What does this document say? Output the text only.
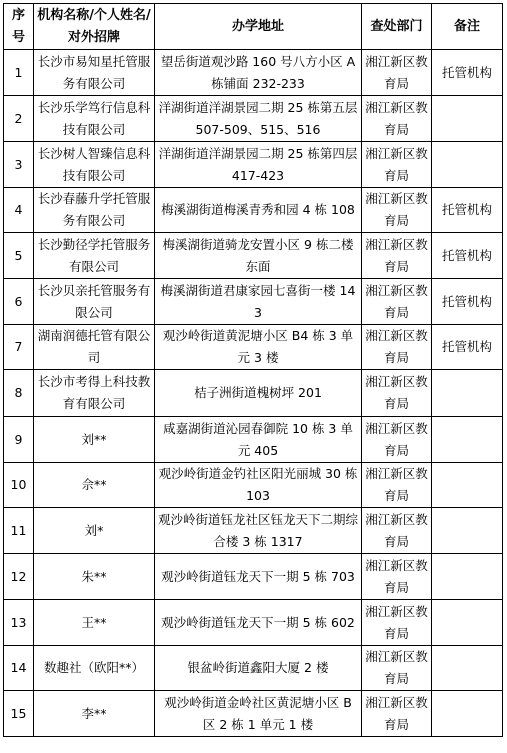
序号	机构名称/个人姓名/对外招牌	办学地址	查处部门	备注
1	长沙市易知星托管服务有限公司	望岳街道观沙路 160 号八方小区 A 栋铺面 232-233	湘江新区教育局	托管机构
2	长沙乐学笃行信息科技有限公司	洋湖街道洋湖景园二期 25 栋第五层 507-509、515、516	湘江新区教育局	
3	长沙树人智臻信息科技有限公司	洋湖街道洋湖景园二期 25 栋第四层 417-423	湘江新区教育局	
4	长沙春藤升学托管服务有限公司	梅溪湖街道梅溪青秀和园 4 栋 108	湘江新区教育局	托管机构
5	长沙勤径学托管服务有限公司	梅溪湖街道骑龙安置小区 9 栋二楼东面	湘江新区教育局	托管机构
6	长沙贝亲托管服务有限公司	梅溪湖街道君康家园七喜街一楼 143	湘江新区教育局	托管机构
7	湖南润德托管有限公司	观沙岭街道黄泥塘小区 B4 栋 3 单元 3 楼	湘江新区教育局	托管机构
8	长沙市考得上科技教育有限公司	桔子洲街道槐树坪 201	湘江新区教育局	
9	刘**	咸嘉湖街道沁园春御院 10 栋 3 单元 405	湘江新区教育局	
10	佘**	观沙岭街道金钓社区阳光丽城 30 栋 103	湘江新区教育局	
11	刘*	观沙岭街道钰龙社区钰龙天下二期综合楼 3 栋 1317	湘江新区教育局	
12	朱**	观沙岭街道钰龙天下一期 5 栋 703	湘江新区教育局	
13	王**	观沙岭街道钰龙天下一期 5 栋 602	湘江新区教育局	
14	数趣社（欧阳**）	银盆岭街道鑫阳大厦 2 楼	湘江新区教育局	
15	李**	观沙岭街道金岭社区黄泥塘小区 B 区 2 栋 1 单元 1 楼	湘江新区教育局	
